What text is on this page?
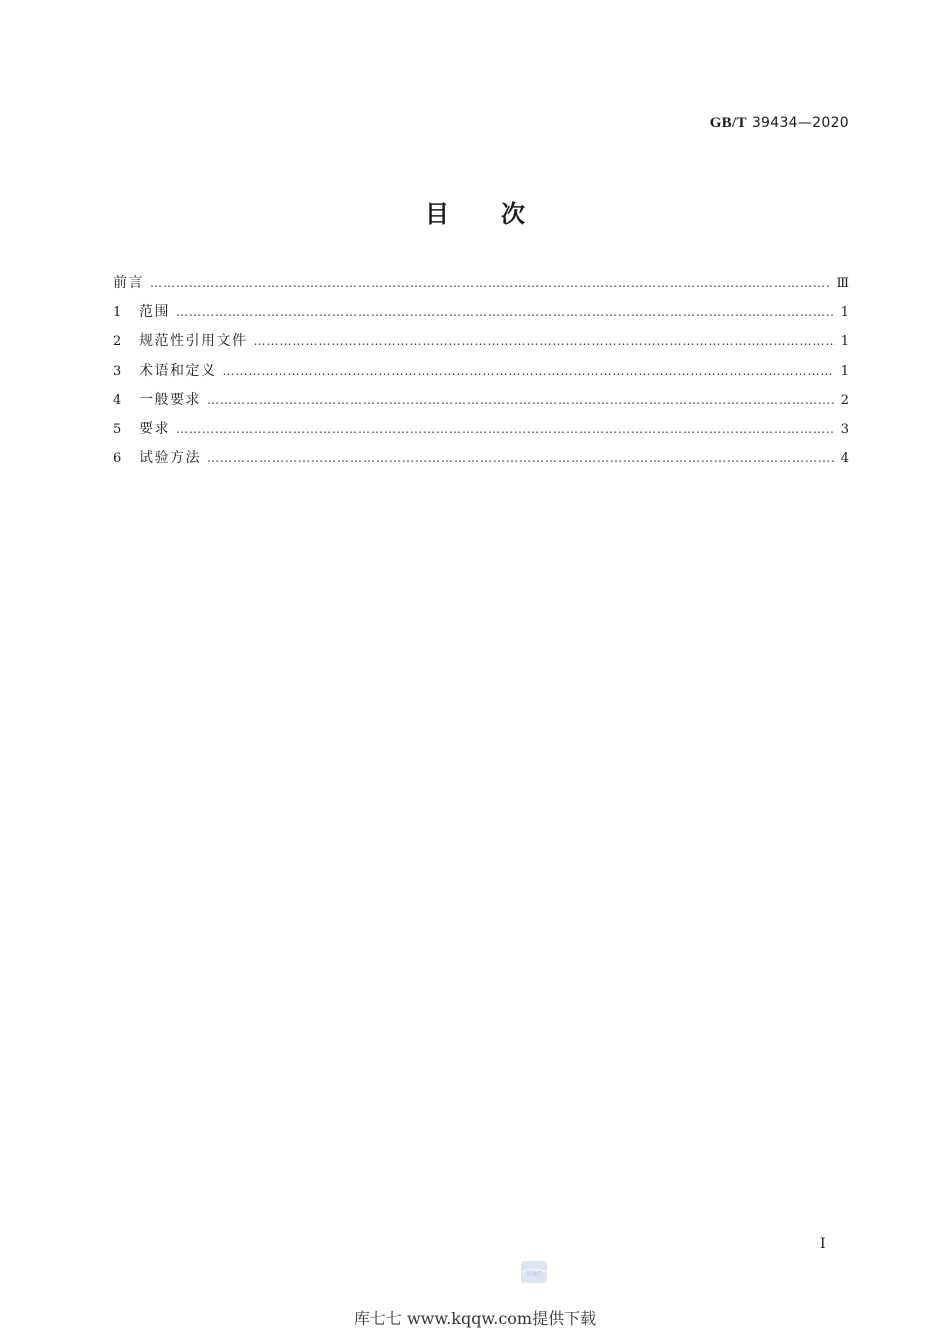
GB/T 39434—2020
目 次
前言 …………………………………………………………………………………………………………………………………………………………………………………………………………………………………	Ⅲ
1	范围 …………………………………………………………………………………………………………………………………………………………………………………………………………………………………	1
2	规范性引用文件 …………………………………………………………………………………………………………………………………………………………………………………………………………………………………	1
3	术语和定义 …………………………………………………………………………………………………………………………………………………………………………………………………………………………………	1
4	一般要求 …………………………………………………………………………………………………………………………………………………………………………………………………………………………………	2
5	要求 …………………………………………………………………………………………………………………………………………………………………………………………………………………………………	3
6	试验方法 …………………………………………………………………………………………………………………………………………………………………………………………………………………………………	4
I
SAC
库七七 www.kqqw.com提供下载
